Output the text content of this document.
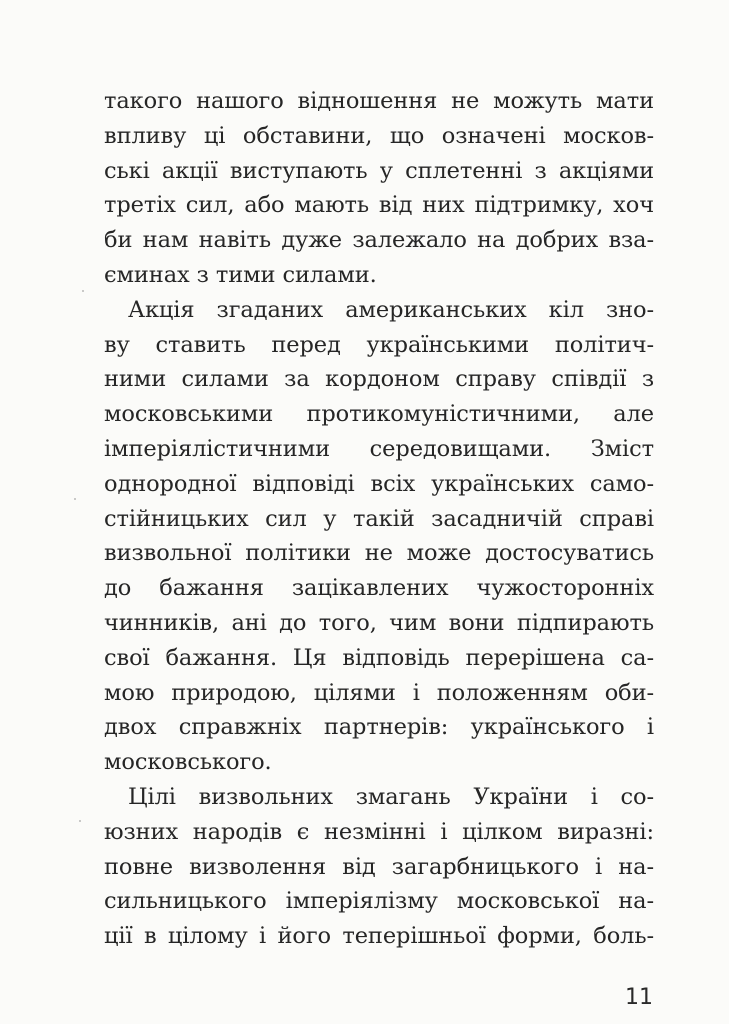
такого нашого відношення не можуть мати
впливу ці обставини, що означені москов-
ські акції виступають у сплетенні з акціями
третіх сил, або мають від них підтримку, хоч
би нам навіть дуже залежало на добрих вза-
єминах з тими силами.
Акція згаданих американських кіл зно-
ву ставить перед українськими політич-
ними силами за кордоном справу співдії з
московськими протикомуністичними, але
імперіялістичними середовищами. Зміст
однородної відповіді всіх українських само-
стійницьких сил у такій засадничій справі
визвольної політики не може достосуватись
до бажання зацікавлених чужосторонніх
чинників, ані до того, чим вони підпирають
свої бажання. Ця відповідь перерішена са-
мою природою, цілями і положенням оби-
двох справжніх партнерів: українського і
московського.
Цілі визвольних змагань України і со-
юзних народів є незмінні і цілком виразні:
повне визволення від загарбницького і на-
сильницького імперіялізму московської на-
ції в цілому і його теперішньої форми, боль-
11
